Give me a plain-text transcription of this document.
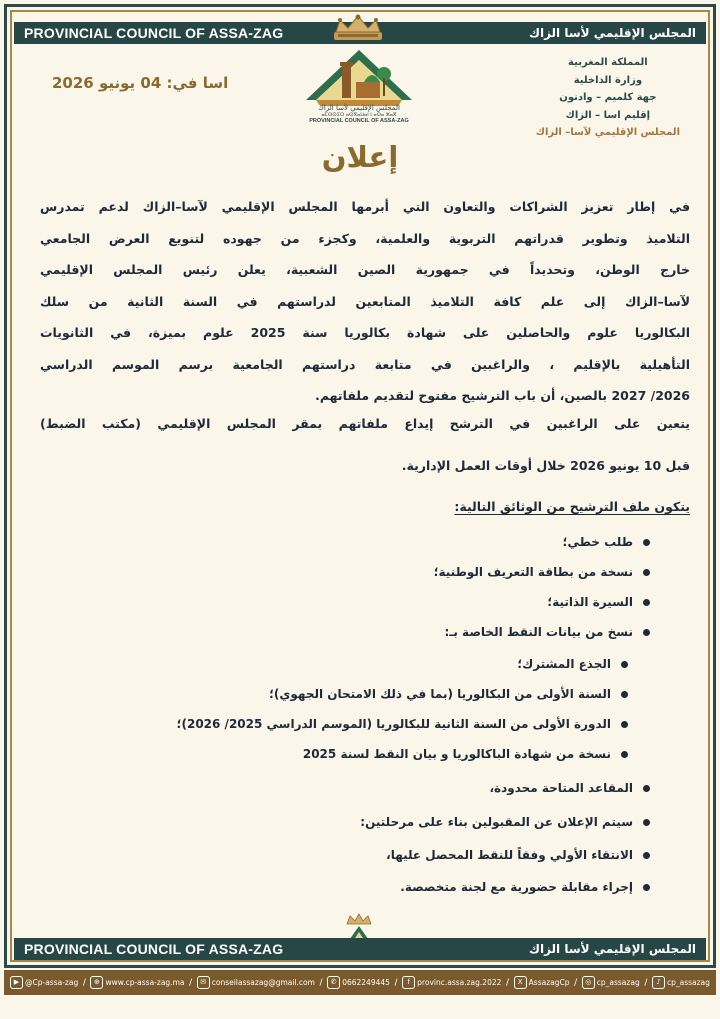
PROVINCIAL COUNCIL OF ASSA-ZAG	المجلس الإقليمي لأسا الزاك
المجلس الإقليمي لأسا الزاك
ⴰⵎⵙⵙⵉⵔ ⴰⵙⴳⴰⵡⴰⵏ ⵏ ⴰⵙⴰ ⵣⴰⴳ
PROVINCIAL COUNCIL OF ASSA-ZAG
اسا في: 04 يونيو 2026
المملكة المغربية
وزارة الداخلية
جهة كلميم – وادنون
إقليم اسا – الزاك
المجلس الإقليمي لآسا– الزاك
إعلان
في إطار تعزيز الشراكات والتعاون التي أبرمها المجلس الإقليمي لآسا–الزاك لدعم تمدرس
التلاميذ وتطوير قدراتهم التربوية والعلمية، وكجزء من جهوده لتنويع العرض الجامعي
خارج الوطن، وتحديداً في جمهورية الصين الشعبية، يعلن رئيس المجلس الإقليمي
لآسا–الزاك إلى علم كافة التلاميذ المتابعين لدراستهم في السنة الثانية من سلك
البكالوريا علوم والحاصلين على شهادة بكالوريا سنة 2025 علوم بميزة، في الثانويات
التأهيلية بالإقليم ، والراغبين في متابعة دراستهم الجامعية برسم الموسم الدراسي
2026/ 2027 بالصين، أن باب الترشيح مفتوح لتقديم ملفاتهم.
يتعين على الراغبين في الترشح إيداع ملفاتهم بمقر المجلس الإقليمي (مكتب الضبط)
قبل 10 يونيو 2026 خلال أوقات العمل الإدارية.
يتكون ملف الترشيح من الوثائق التالية:
طلب خطي؛
نسخة من بطاقة التعريف الوطنية؛
السيرة الذاتية؛
نسخ من بيانات النقط الخاصة بـ:
الجذع المشترك؛
السنة الأولى من البكالوريا (بما في ذلك الامتحان الجهوي)؛
الدورة الأولى من السنة الثانية للبكالوريا (الموسم الدراسي 2025/ 2026)؛
نسخة من شهادة الباكالوريا و بيان النقط لسنة 2025
المقاعد المتاحة محدودة،
سيتم الإعلان عن المقبولين بناء على مرحلتين:
الانتقاء الأولي وفقاً للنقط المحصل عليها،
إجراء مقابلة حضورية مع لجنة متخصصة.
PROVINCIAL COUNCIL OF ASSA-ZAG	المجلس الإقليمي لأسا الزاك
▶ @Cp-assa-zag /	⊕ www.cp-assa-zag.ma /	✉ conseilassazag@gmail.com /	✆ 0662249445 /	f provinc.assa.zag.2022 /	X AssazagCp /	◎ cp_assazag /	♪ cp_assazag
